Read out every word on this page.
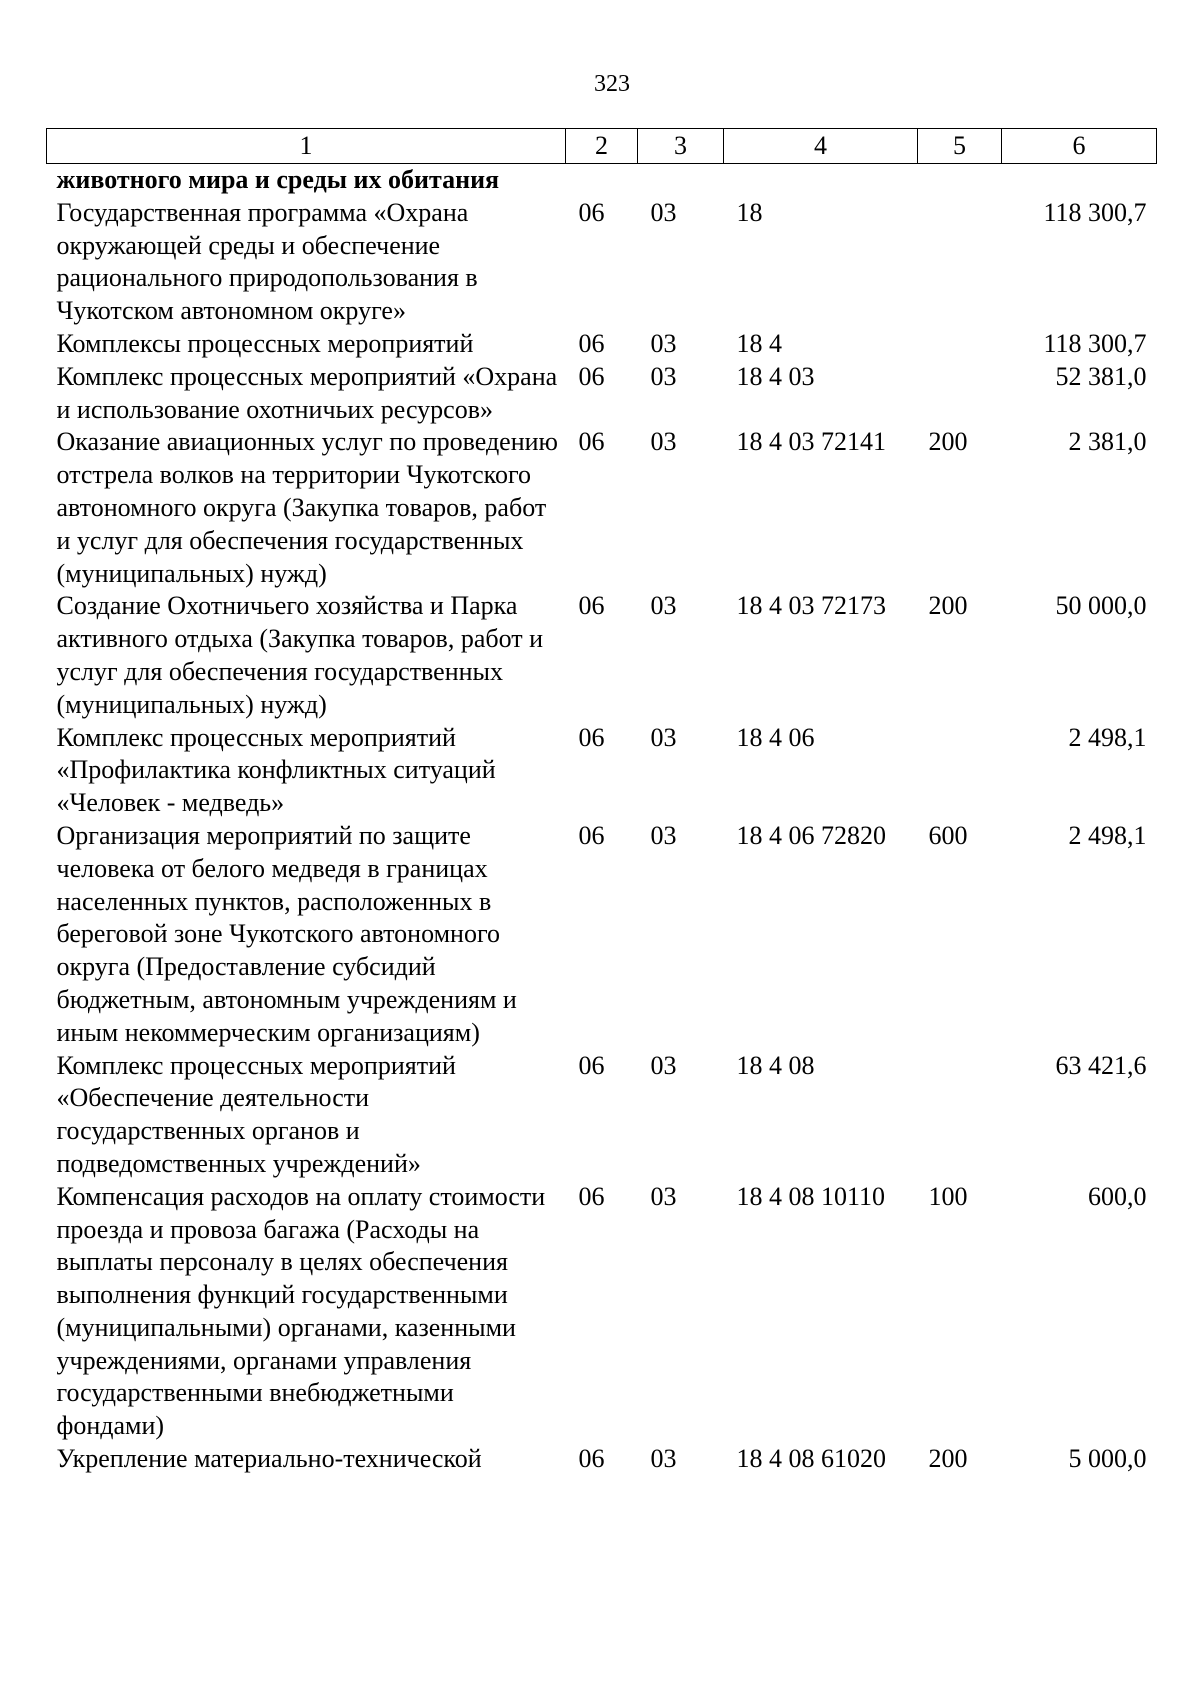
323
1	2	3	4	5	6
животного мира и среды их обитания					
Государственная программа «Охрана окружающей среды и обеспечение рационального природопользования в Чукотском автономном округе»	06	03	18		118 300,7
Комплексы процессных мероприятий	06	03	18 4		118 300,7
Комплекс процессных мероприятий «Охрана и использование охотничьих ресурсов»	06	03	18 4 03		52 381,0
Оказание авиационных услуг по проведению отстрела волков на территории Чукотского автономного округа (Закупка товаров, работ и услуг для обеспечения государственных (муниципальных) нужд)	06	03	18 4 03 72141	200	2 381,0
Создание Охотничьего хозяйства и Парка активного отдыха (Закупка товаров, работ и услуг для обеспечения государственных (муниципальных) нужд)	06	03	18 4 03 72173	200	50 000,0
Комплекс процессных мероприятий «Профилактика конфликтных ситуаций «Человек - медведь»	06	03	18 4 06		2 498,1
Организация мероприятий по защите человека от белого медведя в границах населенных пунктов, расположенных в береговой зоне Чукотского автономного округа (Предоставление субсидий бюджетным, автономным учреждениям и иным некоммерческим организациям)	06	03	18 4 06 72820	600	2 498,1
Комплекс процессных мероприятий «Обеспечение деятельности государственных органов и подведомственных учреждений»	06	03	18 4 08		63 421,6
Компенсация расходов на оплату стоимости проезда и провоза багажа (Расходы на выплаты персоналу в целях обеспечения выполнения функций государственными (муниципальными) органами, казенными учреждениями, органами управления государственными внебюджетными фондами)	06	03	18 4 08 10110	100	600,0
Укрепление материально-технической	06	03	18 4 08 61020	200	5 000,0
